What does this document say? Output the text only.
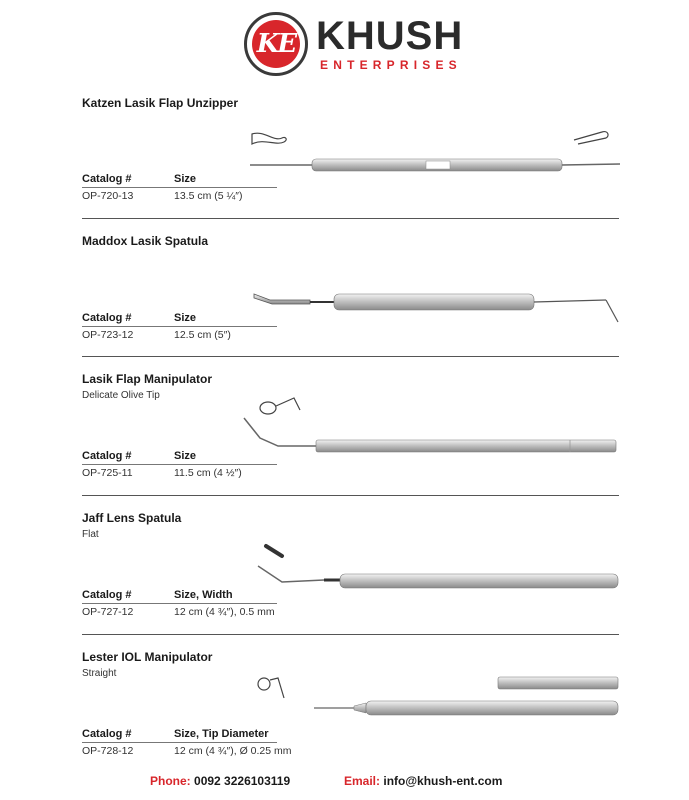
KE KHUSH
ENTERPRISES
Katzen Lasik Flap Unzipper
Catalog #	Size
OP-720-13	13.5 cm (5 ¼″)
Maddox Lasik Spatula
Catalog #	Size
OP-723-12	12.5 cm (5″)
Lasik Flap Manipulator
Delicate Olive Tip
Catalog #	Size
OP-725-11	11.5 cm (4 ½″)
Jaff Lens Spatula
Flat
Catalog #	Size, Width
OP-727-12	12 cm (4 ¾″), 0.5 mm
Lester IOL Manipulator
Straight
Catalog #	Size, Tip Diameter
OP-728-12	12 cm (4 ¾″), Ø 0.25 mm
Phone: 0092 3226103119	Email: info@khush-ent.com
